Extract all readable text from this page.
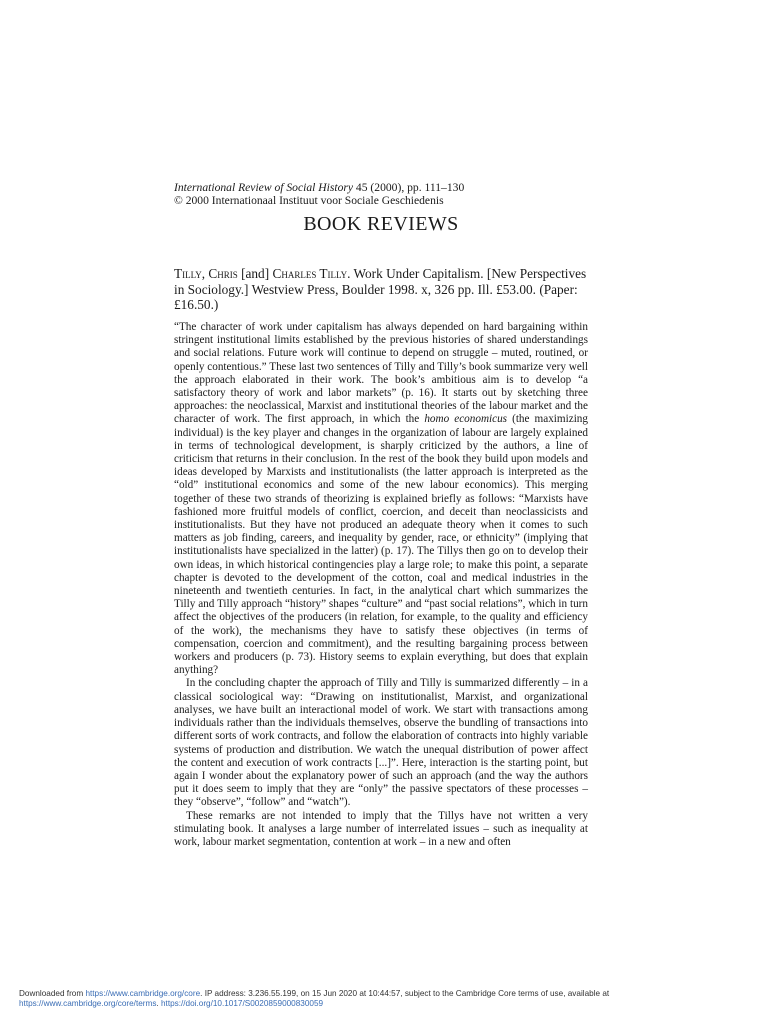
International Review of Social History 45 (2000), pp. 111–130
© 2000 Internationaal Instituut voor Sociale Geschiedenis
BOOK REVIEWS
Tilly, Chris [and] Charles Tilly. Work Under Capitalism. [New Perspectives in Sociology.] Westview Press, Boulder 1998. x, 326 pp. Ill. £53.00. (Paper: £16.50.)

“The character of work under capitalism has always depended on hard bargaining within stringent institutional limits established by the previous histories of shared understandings and social relations. Future work will continue to depend on struggle – muted, routined, or openly contentious.” These last two sentences of Tilly and Tilly’s book summarize very well the approach elaborated in their work. The book’s ambitious aim is to develop “a satisfactory theory of work and labor markets” (p. 16). It starts out by sketching three approaches: the neoclassical, Marxist and institutional theories of the labour market and the character of work. The first approach, in which the homo economicus (the maximizing individual) is the key player and changes in the organization of labour are largely explained in terms of technological development, is sharply criticized by the authors, a line of criticism that returns in their conclusion. In the rest of the book they build upon models and ideas developed by Marxists and institutionalists (the latter approach is interpreted as the “old” institutional economics and some of the new labour economics). This merging together of these two strands of theorizing is explained briefly as follows: “Marxists have fashioned more fruitful models of conflict, coercion, and deceit than neoclassicists and institutionalists. But they have not produced an adequate theory when it comes to such matters as job finding, careers, and inequality by gender, race, or ethnicity” (implying that institutionalists have specialized in the latter) (p. 17). The Tillys then go on to develop their own ideas, in which historical contingencies play a large role; to make this point, a separate chapter is devoted to the development of the cotton, coal and medical industries in the nineteenth and twentieth centuries. In fact, in the analytical chart which summarizes the Tilly and Tilly approach “history” shapes “culture” and “past social relations”, which in turn affect the objectives of the producers (in relation, for example, to the quality and efficiency of the work), the mechanisms they have to satisfy these objectives (in terms of compensation, coercion and commitment), and the resulting bargaining process between workers and producers (p. 73). History seems to explain everything, but does that explain anything?

In the concluding chapter the approach of Tilly and Tilly is summarized differently – in a classical sociological way: “Drawing on institutionalist, Marxist, and organizational analyses, we have built an interactional model of work. We start with transactions among individuals rather than the individuals themselves, observe the bundling of transactions into different sorts of work contracts, and follow the elaboration of contracts into highly variable systems of production and distribution. We watch the unequal distribution of power affect the content and execution of work contracts [...]”. Here, interaction is the starting point, but again I wonder about the explanatory power of such an approach (and the way the authors put it does seem to imply that they are “only” the passive spectators of these processes – they “observe”, “follow” and “watch”).

These remarks are not intended to imply that the Tillys have not written a very stimulating book. It analyses a large number of interrelated issues – such as inequality at work, labour market segmentation, contention at work – in a new and often

Downloaded from https://www.cambridge.org/core. IP address: 3.236.55.199, on 15 Jun 2020 at 10:44:57, subject to the Cambridge Core terms of use, available at
https://www.cambridge.org/core/terms. https://doi.org/10.1017/S0020859000830059
